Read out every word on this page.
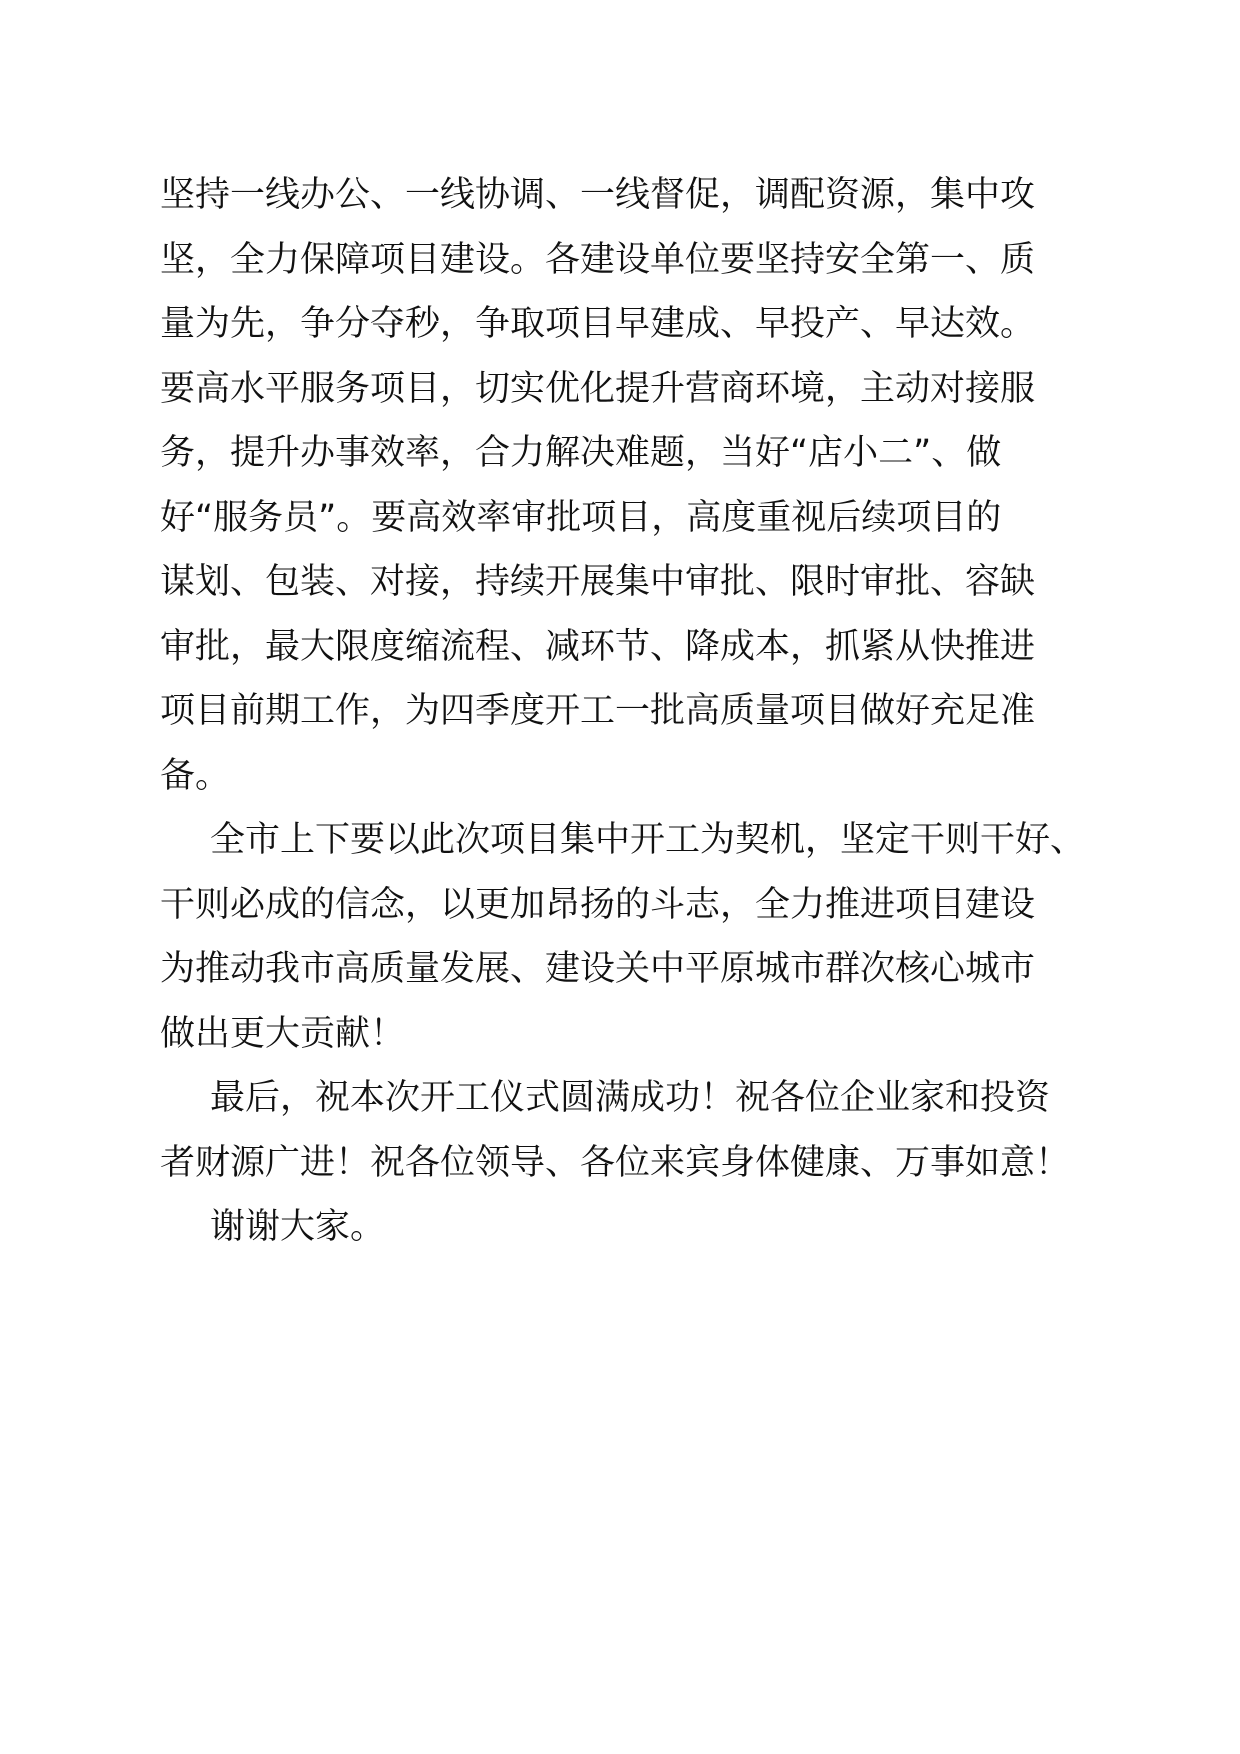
坚持一线办公、一线协调、一线督促，调配资源，集中攻
坚，全力保障项目建设。各建设单位要坚持安全第一、质
量为先，争分夺秒，争取项目早建成、早投产、早达效。
要高水平服务项目，切实优化提升营商环境，主动对接服
务，提升办事效率，合力解决难题，当好“店小二”、做
好“服务员”。要高效率审批项目，高度重视后续项目的
谋划、包装、对接，持续开展集中审批、限时审批、容缺
审批，最大限度缩流程、减环节、降成本，抓紧从快推进
项目前期工作，为四季度开工一批高质量项目做好充足准
备。
全市上下要以此次项目集中开工为契机，坚定干则干好、
干则必成的信念，以更加昂扬的斗志，全力推进项目建设
为推动我市高质量发展、建设关中平原城市群次核心城市
做出更大贡献！
最后，祝本次开工仪式圆满成功！祝各位企业家和投资
者财源广进！祝各位领导、各位来宾身体健康、万事如意！
谢谢大家。
